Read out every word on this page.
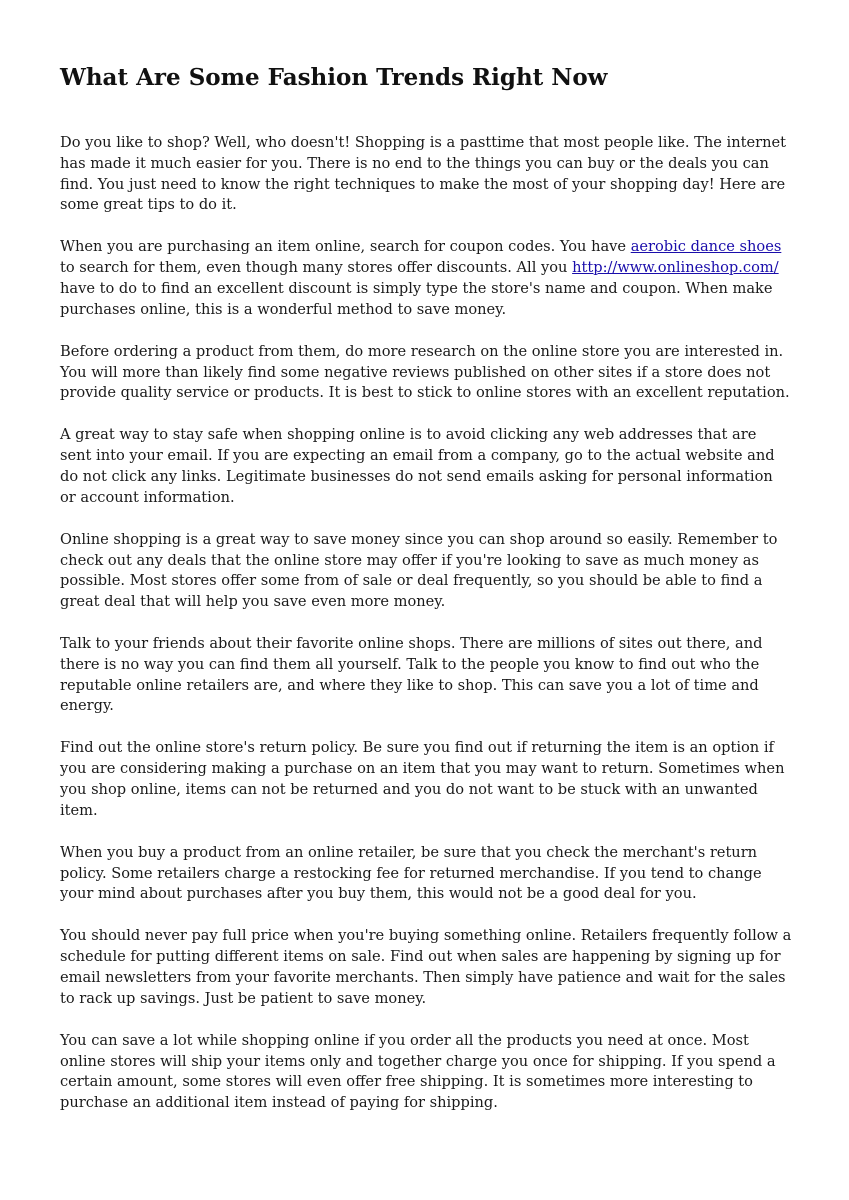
What Are Some Fashion Trends Right Now

Do you like to shop? Well, who doesn't! Shopping is a pasttime that most people like. The internet has made it much easier for you. There is no end to the things you can buy or the deals you can find. You just need to know the right techniques to make the most of your shopping day! Here are some great tips to do it.

When you are purchasing an item online, search for coupon codes. You have aerobic dance shoes to search for them, even though many stores offer discounts. All you http://www.onlineshop.com/ have to do to find an excellent discount is simply type the store's name and coupon. When make purchases online, this is a wonderful method to save money.

Before ordering a product from them, do more research on the online store you are interested in. You will more than likely find some negative reviews published on other sites if a store does not provide quality service or products. It is best to stick to online stores with an excellent reputation.

A great way to stay safe when shopping online is to avoid clicking any web addresses that are sent into your email. If you are expecting an email from a company, go to the actual website and do not click any links. Legitimate businesses do not send emails asking for personal information or account information.

Online shopping is a great way to save money since you can shop around so easily. Remember to check out any deals that the online store may offer if you're looking to save as much money as possible. Most stores offer some from of sale or deal frequently, so you should be able to find a great deal that will help you save even more money.

Talk to your friends about their favorite online shops. There are millions of sites out there, and there is no way you can find them all yourself. Talk to the people you know to find out who the reputable online retailers are, and where they like to shop. This can save you a lot of time and energy.

Find out the online store's return policy. Be sure you find out if returning the item is an option if you are considering making a purchase on an item that you may want to return. Sometimes when you shop online, items can not be returned and you do not want to be stuck with an unwanted item.

When you buy a product from an online retailer, be sure that you check the merchant's return policy. Some retailers charge a restocking fee for returned merchandise. If you tend to change your mind about purchases after you buy them, this would not be a good deal for you.

You should never pay full price when you're buying something online. Retailers frequently follow a schedule for putting different items on sale. Find out when sales are happening by signing up for email newsletters from your favorite merchants. Then simply have patience and wait for the sales to rack up savings. Just be patient to save money.

You can save a lot while shopping online if you order all the products you need at once. Most online stores will ship your items only and together charge you once for shipping. If you spend a certain amount, some stores will even offer free shipping. It is sometimes more interesting to purchase an additional item instead of paying for shipping.
